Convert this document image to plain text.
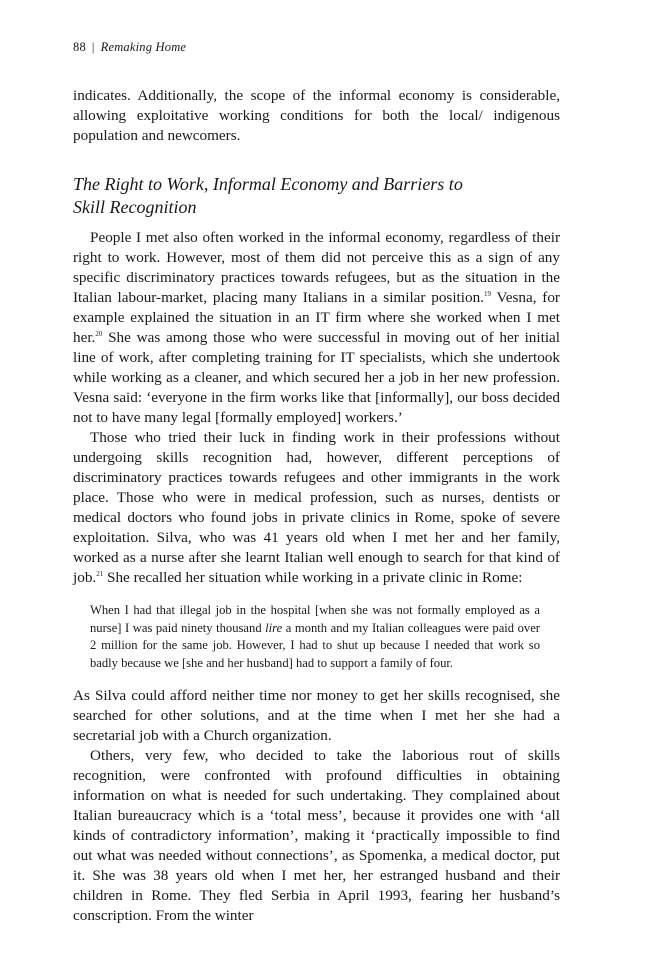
88 | Remaking Home

indicates. Additionally, the scope of the informal economy is considerable, allowing exploitative working conditions for both the local/ indigenous population and newcomers.

The Right to Work, Informal Economy and Barriers to Skill Recognition

People I met also often worked in the informal economy, regardless of their right to work. However, most of them did not perceive this as a sign of any specific discriminatory practices towards refugees, but as the situation in the Italian labour-market, placing many Italians in a similar position.$^{19}$ Vesna, for example explained the situation in an IT firm where she worked when I met her.$^{20}$ She was among those who were successful in moving out of her initial line of work, after completing training for IT specialists, which she undertook while working as a cleaner, and which secured her a job in her new profession. Vesna said: ‘everyone in the firm works like that [informally], our boss decided not to have many legal [formally employed] workers.’

Those who tried their luck in finding work in their professions without undergoing skills recognition had, however, different perceptions of discriminatory practices towards refugees and other immigrants in the work place. Those who were in medical profession, such as nurses, dentists or medical doctors who found jobs in private clinics in Rome, spoke of severe exploitation. Silva, who was 41 years old when I met her and her family, worked as a nurse after she learnt Italian well enough to search for that kind of job.$^{21}$ She recalled her situation while working in a private clinic in Rome:

When I had that illegal job in the hospital [when she was not formally employed as a nurse] I was paid ninety thousand lire a month and my Italian colleagues were paid over 2 million for the same job. However, I had to shut up because I needed that work so badly because we [she and her husband] had to support a family of four.

As Silva could afford neither time nor money to get her skills recognised, she searched for other solutions, and at the time when I met her she had a secretarial job with a Church organization.

Others, very few, who decided to take the laborious rout of skills recognition, were confronted with profound difficulties in obtaining information on what is needed for such undertaking. They complained about Italian bureaucracy which is a ‘total mess’, because it provides one with ‘all kinds of contradictory information’, making it ‘practically impossible to find out what was needed without connections’, as Spomenka, a medical doctor, put it. She was 38 years old when I met her, her estranged husband and their children in Rome. They fled Serbia in April 1993, fearing her husband’s conscription. From the winter
